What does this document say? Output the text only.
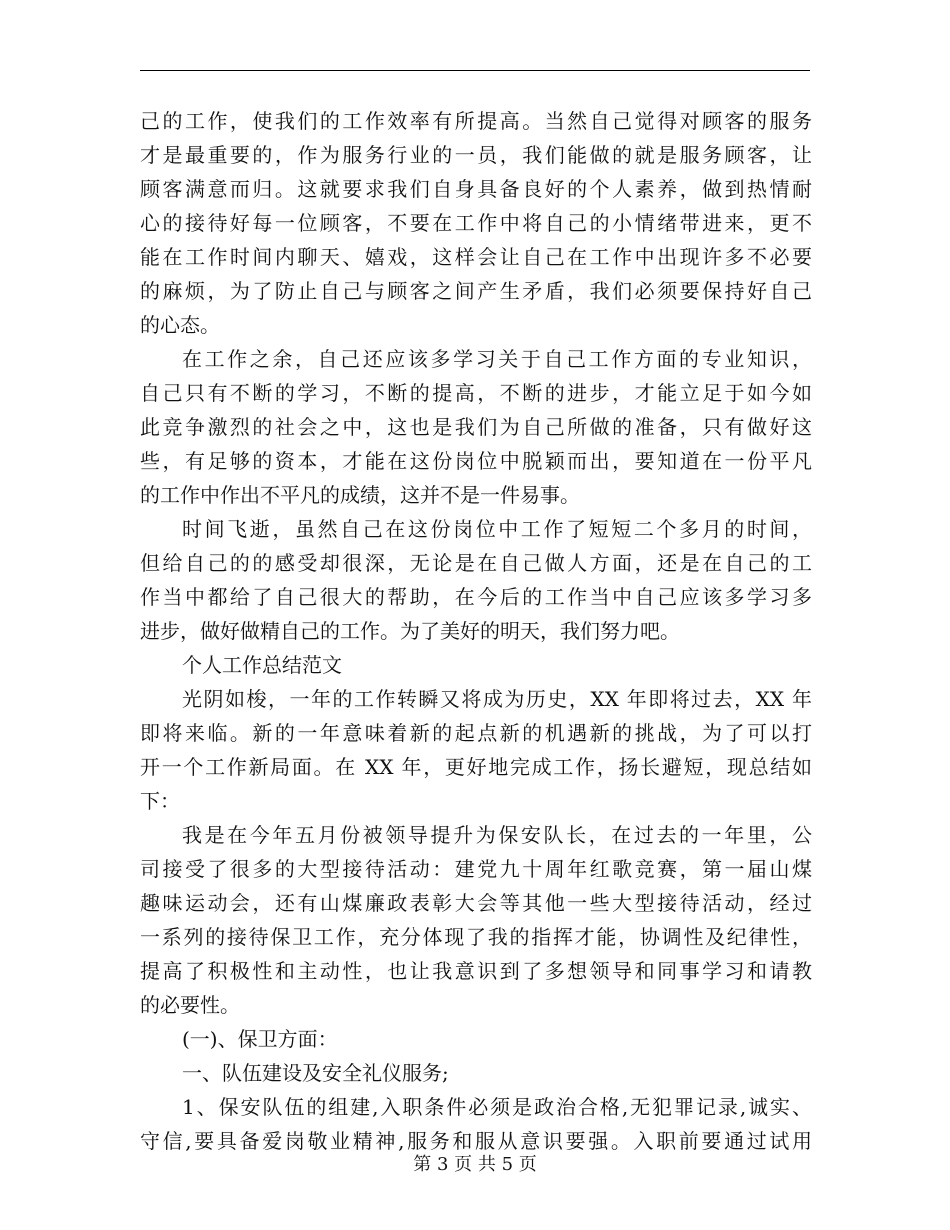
己的工作，使我们的工作效率有所提高。当然自己觉得对顾客的服务
才是最重要的，作为服务行业的一员，我们能做的就是服务顾客，让
顾客满意而归。这就要求我们自身具备良好的个人素养，做到热情耐
心的接待好每一位顾客，不要在工作中将自己的小情绪带进来，更不
能在工作时间内聊天、嬉戏，这样会让自己在工作中出现许多不必要
的麻烦，为了防止自己与顾客之间产生矛盾，我们必须要保持好自己
的心态。
在工作之余，自己还应该多学习关于自己工作方面的专业知识，
自己只有不断的学习，不断的提高，不断的进步，才能立足于如今如
此竞争激烈的社会之中，这也是我们为自己所做的准备，只有做好这
些，有足够的资本，才能在这份岗位中脱颖而出，要知道在一份平凡
的工作中作出不平凡的成绩，这并不是一件易事。
时间飞逝，虽然自己在这份岗位中工作了短短二个多月的时间，
但给自己的的感受却很深，无论是在自己做人方面，还是在自己的工
作当中都给了自己很大的帮助，在今后的工作当中自己应该多学习多
进步，做好做精自己的工作。为了美好的明天，我们努力吧。
个人工作总结范文
光阴如梭，一年的工作转瞬又将成为历史，XX 年即将过去，XX 年
即将来临。新的一年意味着新的起点新的机遇新的挑战，为了可以打
开一个工作新局面。在 XX 年，更好地完成工作，扬长避短，现总结如
下：
我是在今年五月份被领导提升为保安队长，在过去的一年里，公
司接受了很多的大型接待活动：建党九十周年红歌竞赛，第一届山煤
趣味运动会，还有山煤廉政表彰大会等其他一些大型接待活动，经过
一系列的接待保卫工作，充分体现了我的指挥才能，协调性及纪律性，
提高了积极性和主动性，也让我意识到了多想领导和同事学习和请教
的必要性。
(一)、保卫方面：
一、队伍建设及安全礼仪服务;
1、保安队伍的组建,入职条件必须是政治合格,无犯罪记录,诚实、
守信,要具备爱岗敬业精神,服务和服从意识要强。入职前要通过试用
第 3 页 共 5 页
